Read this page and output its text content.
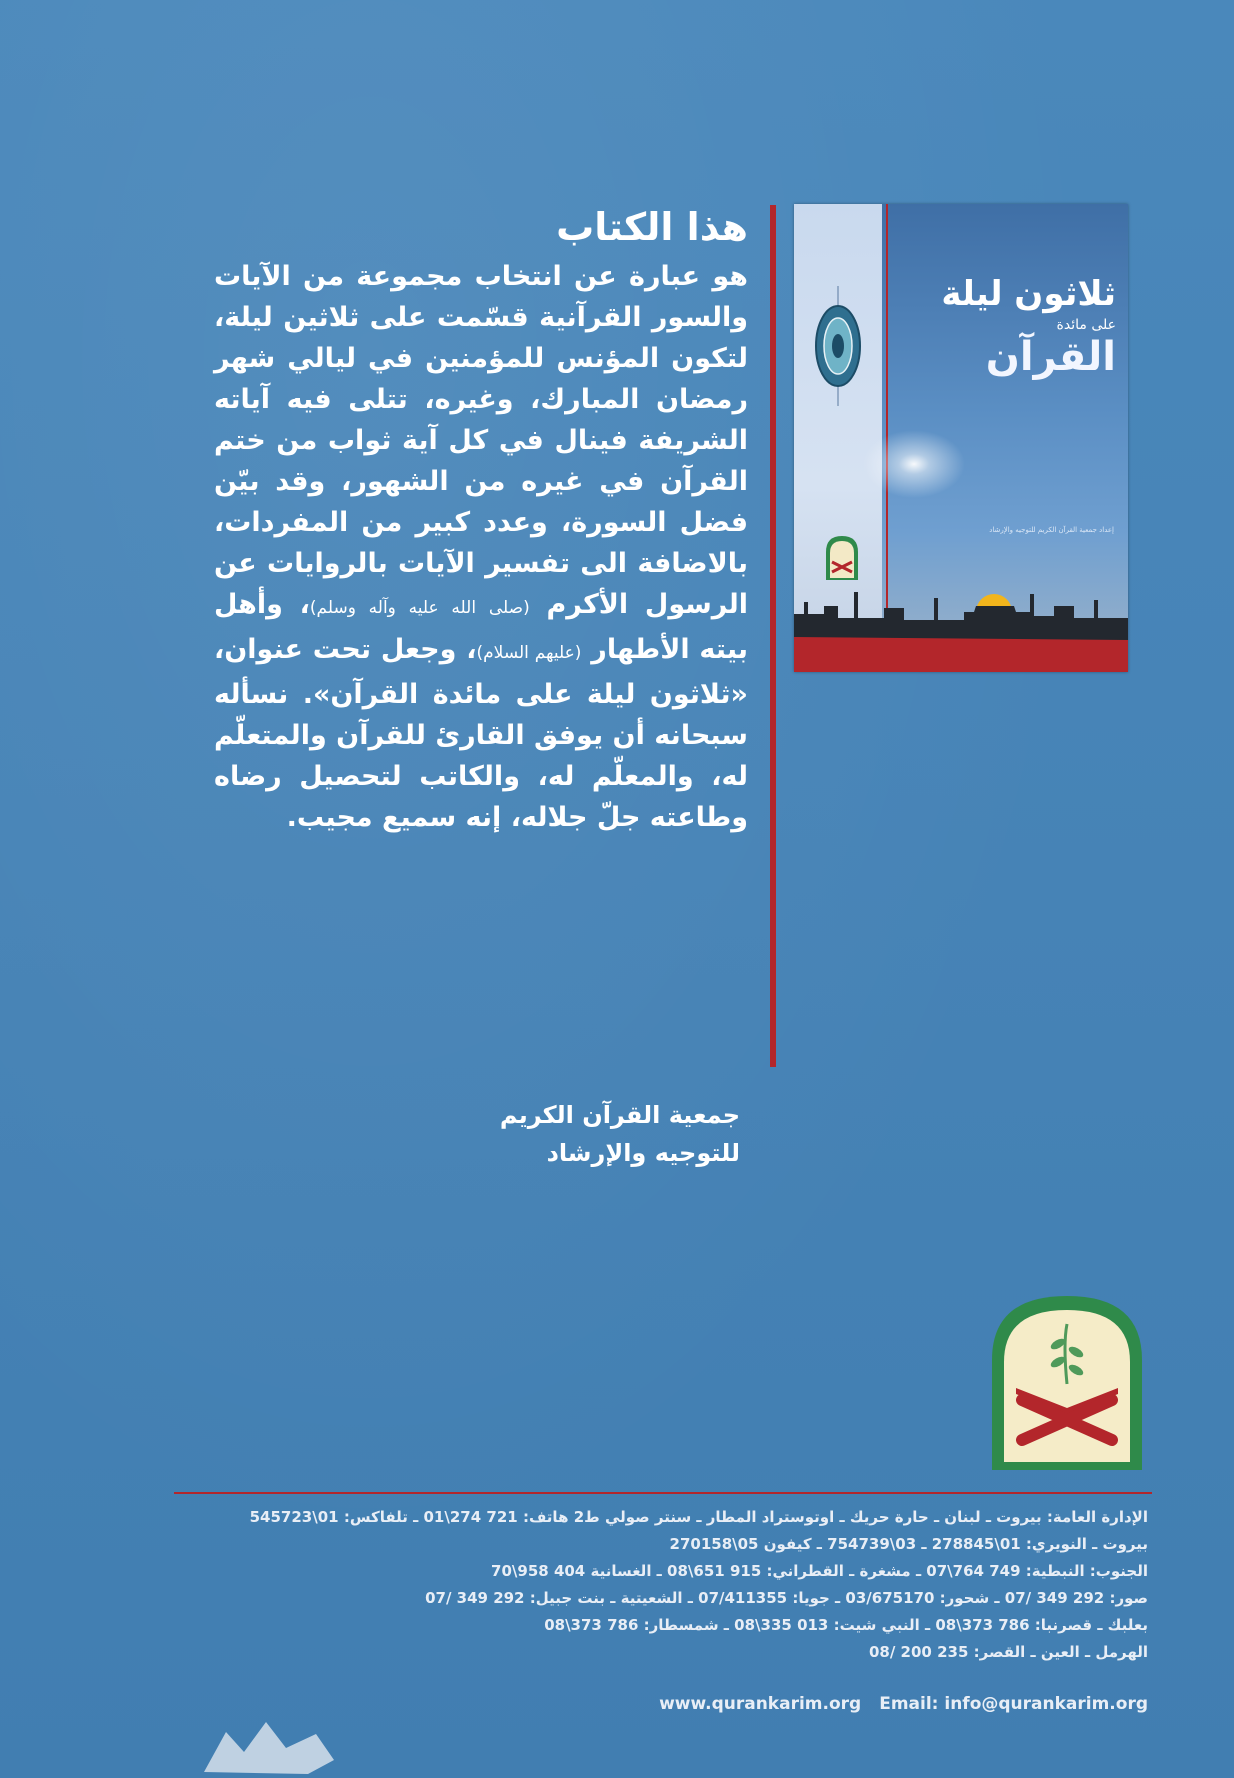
ثلاثون ليلة
على مائدة
القرآن
إعداد جمعية القرآن الكريم للتوجيه والإرشاد
هذا الكتاب

هو عبارة عن انتخاب مجموعة من الآيات والسور القرآنية قسّمت على ثلاثين ليلة، لتكون المؤنس للمؤمنين في ليالي شهر رمضان المبارك، وغيره، تتلى فيه آياته الشريفة فينال في كل آية ثواب من ختم القرآن في غيره من الشهور، وقد بيّن فضل السورة، وعدد كبير من المفردات، بالاضافة الى تفسير الآيات بالروايات عن الرسول الأكرم (صلى الله عليه وآله وسلم)، وأهل بيته الأطهار (عليهم السلام)، وجعل تحت عنوان، «ثلاثون ليلة على مائدة القرآن». نسأله سبحانه أن يوفق القارئ للقرآن والمتعلّم له، والمعلّم له، والكاتب لتحصيل رضاه وطاعته جلّ جلاله، إنه سميع مجيب.

جمعية القرآن الكريم
للتوجيه والإرشاد
الإدارة العامة: بيروت ـ لبنان ـ حارة حريك ـ اوتوستراد المطار ـ سنتر صولي ط2 هاتف: 721 274\01 ـ تلفاكس: 01\545723
بيروت ـ النويري: 01\278845 ـ 03\754739 ـ كيفون 05\270158
الجنوب: النبطية: 749 764\07 ـ مشغرة ـ القطراني: 915 651\08 ـ الغسانية 404 958\70
صور: 292 349 /07 ـ شحور: 03/675170 ـ جويا: 07/411355 ـ الشعيتية ـ بنت جبيل: 292 349 /07
بعلبك ـ قصرنبا: 786 373\08 ـ النبي شيت: 013 335\08 ـ شمسطار: 786 373\08
الهرمل ـ العين ـ القصر: 235 200 /08
www.qurankarim.org Email: info@qurankarim.org
